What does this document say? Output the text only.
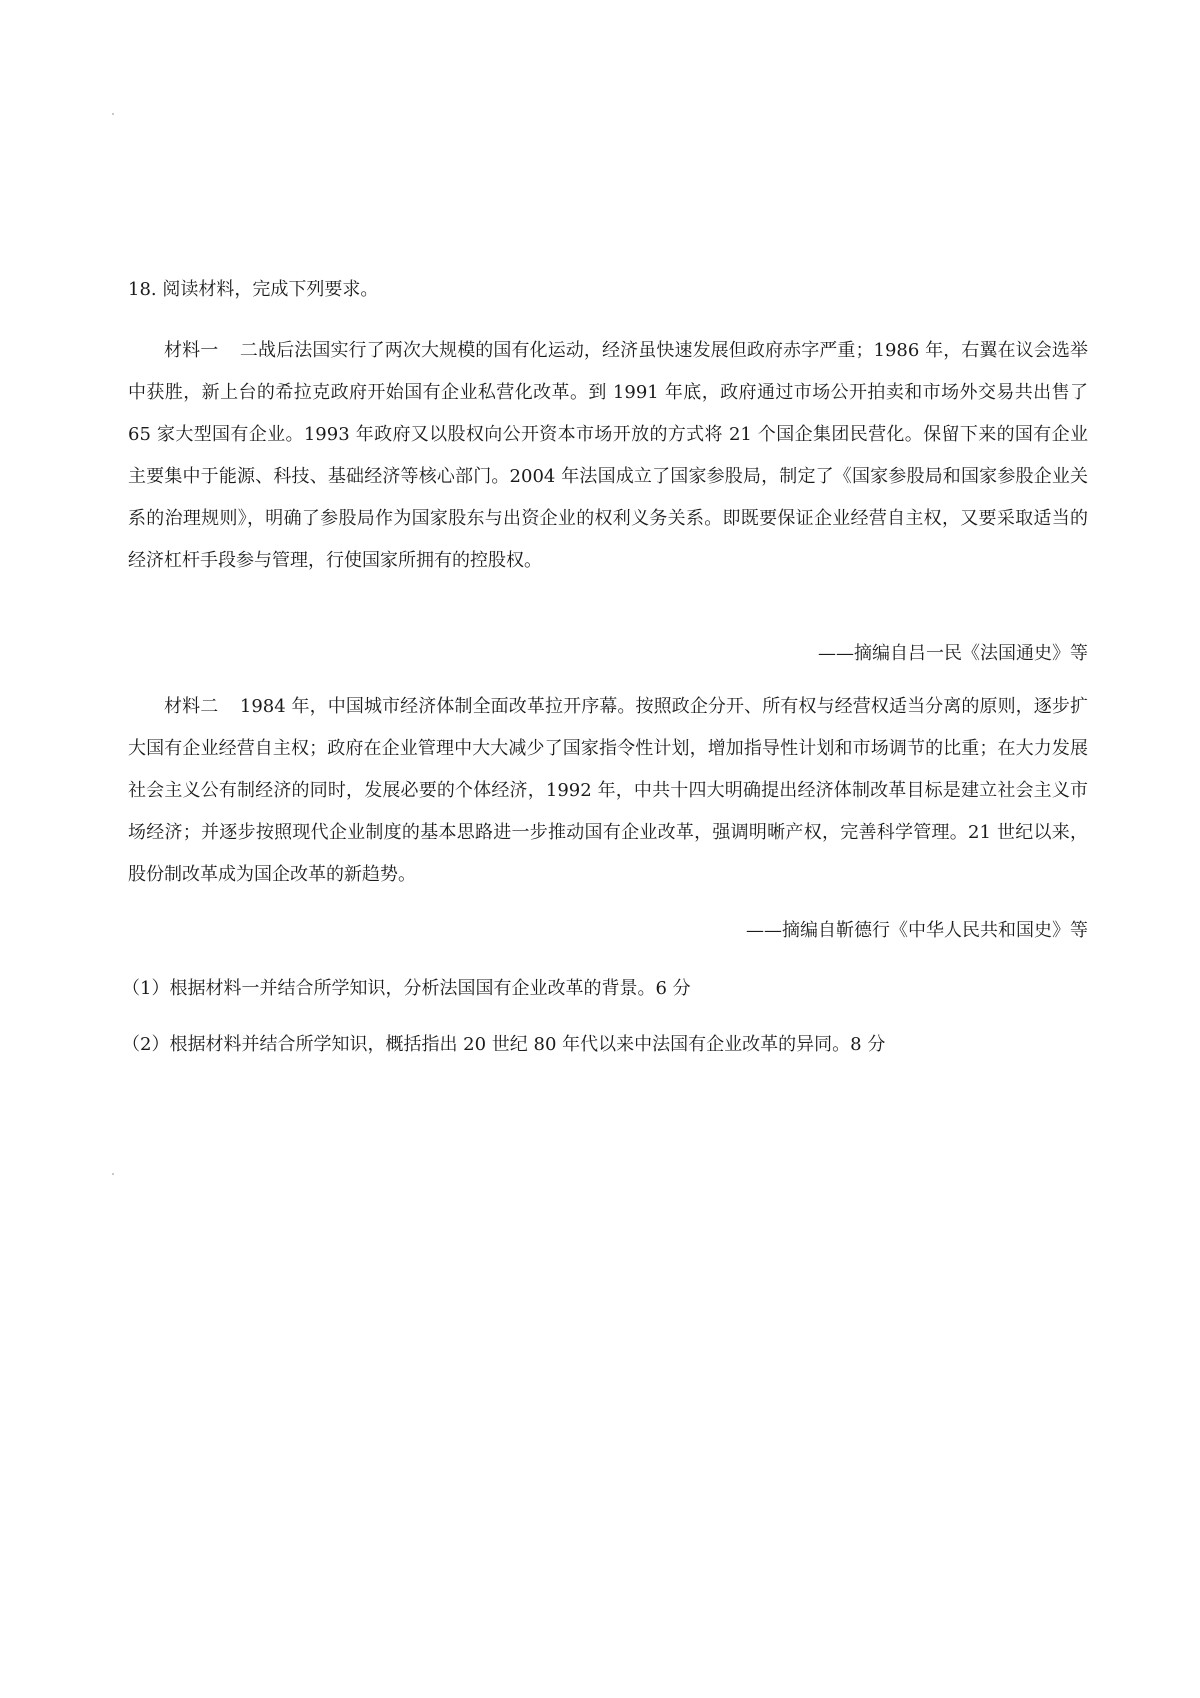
18. 阅读材料，完成下列要求。

材料一 二战后法国实行了两次大规模的国有化运动，经济虽快速发展但政府赤字严重；1986 年，右翼在议会选举中获胜，新上台的希拉克政府开始国有企业私营化改革。到 1991 年底，政府通过市场公开拍卖和市场外交易共出售了 65 家大型国有企业。1993 年政府又以股权向公开资本市场开放的方式将 21 个国企集团民营化。保留下来的国有企业主要集中于能源、科技、基础经济等核心部门。2004 年法国成立了国家参股局，制定了《国家参股局和国家参股企业关系的治理规则》，明确了参股局作为国家股东与出资企业的权利义务关系。即既要保证企业经营自主权，又要采取适当的经济杠杆手段参与管理，行使国家所拥有的控股权。

——摘编自吕一民《法国通史》等

材料二 1984 年，中国城市经济体制全面改革拉开序幕。按照政企分开、所有权与经营权适当分离的原则，逐步扩大国有企业经营自主权；政府在企业管理中大大减少了国家指令性计划，增加指导性计划和市场调节的比重；在大力发展社会主义公有制经济的同时，发展必要的个体经济，1992 年，中共十四大明确提出经济体制改革目标是建立社会主义市场经济；并逐步按照现代企业制度的基本思路进一步推动国有企业改革，强调明晰产权，完善科学管理。21 世纪以来，股份制改革成为国企改革的新趋势。

——摘编自靳德行《中华人民共和国史》等
（1）根据材料一并结合所学知识，分析法国国有企业改革的背景。6 分
（2）根据材料并结合所学知识，概括指出 20 世纪 80 年代以来中法国有企业改革的异同。8 分
